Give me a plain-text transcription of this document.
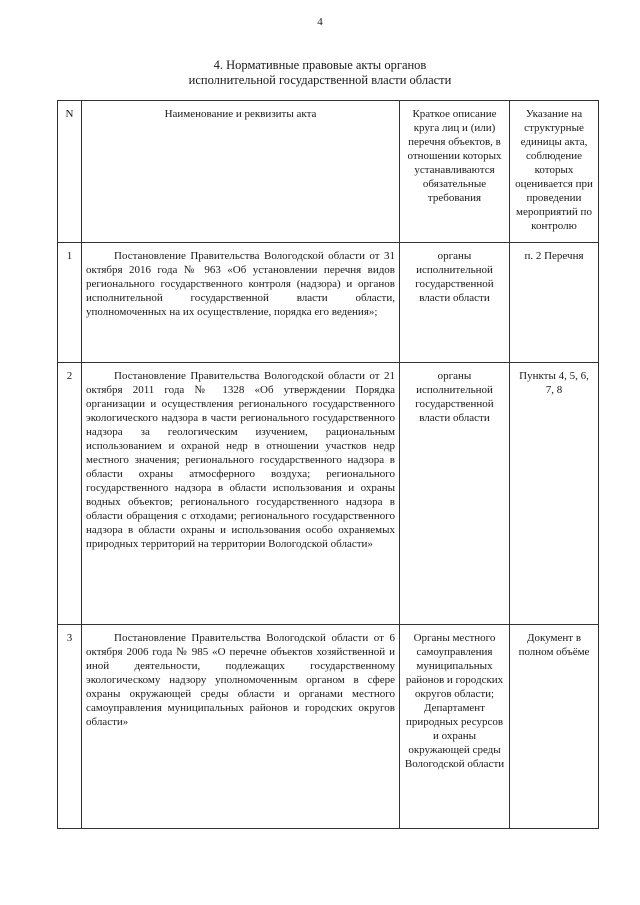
4
4. Нормативные правовые акты органов
исполнительной государственной власти области
N	Наименование и реквизиты акта	Краткое описание круга лиц и (или) перечня объектов, в отношении которых устанавливаются обязательные требования	Указание на структурные единицы акта, соблюдение которых оценивается при проведении мероприятий по контролю
1	Постановление Правительства Вологодской области от 31 октября 2016 года № 963 «Об установлении перечня видов регионального государственного контроля (надзора) и органов исполнительной государственной власти области, уполномоченных на их осуществление, порядка его ведения»;	органы исполнительной государственной власти области	п. 2 Перечня
2	Постановление Правительства Вологодской области от 21 октября 2011 года № 1328 «Об утверждении Порядка организации и осуществления регионального государственного экологического надзора в части регионального государственного надзора за геологическим изучением, рациональным использованием и охраной недр в отношении участков недр местного значения; регионального государственного надзора в области охраны атмосферного воздуха; регионального государственного надзора в области использования и охраны водных объектов; регионального государственного надзора в области обращения с отходами; регионального государственного надзора в области охраны и использования особо охраняемых природных территорий на территории Вологодской области»	органы исполнительной государственной власти области	Пункты 4, 5, 6, 7, 8
3	Постановление Правительства Вологодской области от 6 октября 2006 года № 985 «О перечне объектов хозяйственной и иной деятельности, подлежащих государственному экологическому надзору уполномоченным органом в сфере охраны окружающей среды области и органами местного самоуправления муниципальных районов и городских округов области»	Органы местного самоуправления муниципальных районов и городских округов области; Департамент природных ресурсов и охраны окружающей среды Вологодской области	Документ в полном объёме
